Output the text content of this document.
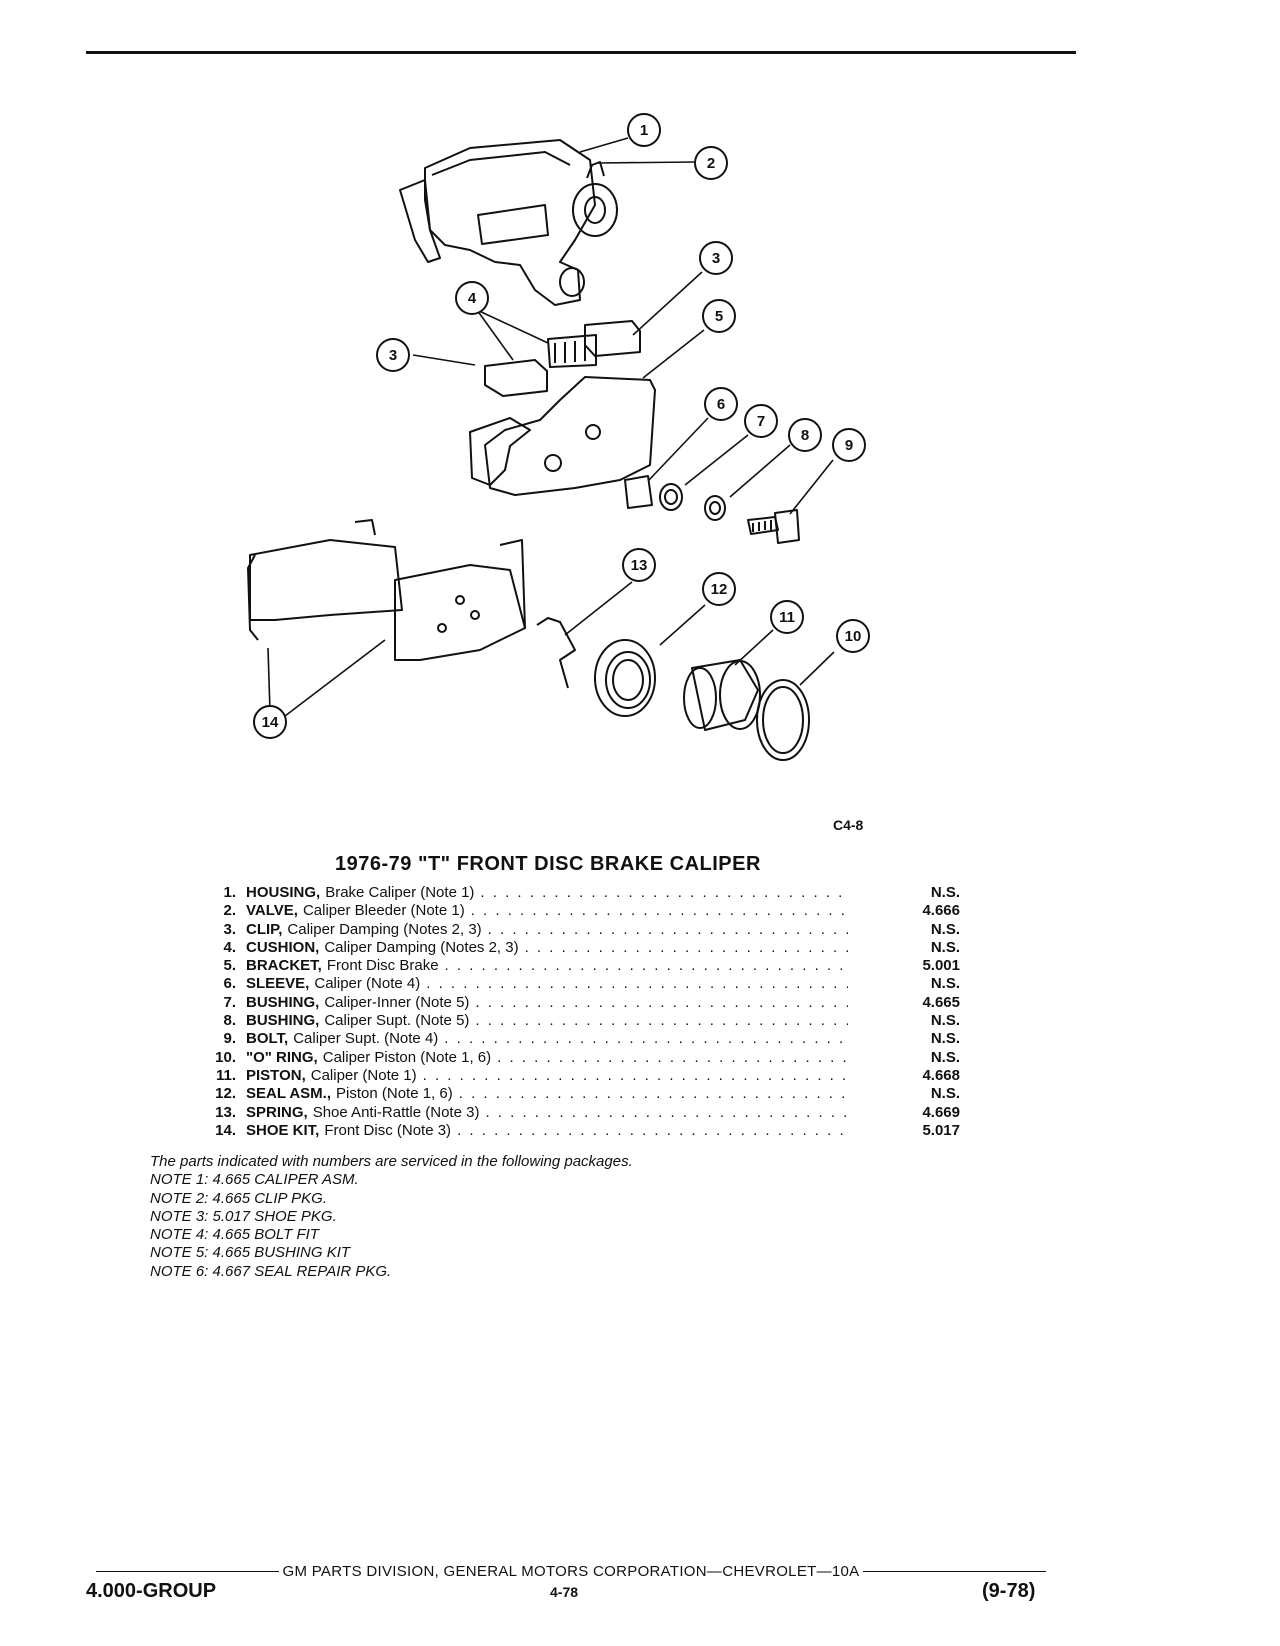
1
2
3
3
4
5
6
7
8
9
13
12
11
10
14
C4-8
1976-79 "T" FRONT DISC BRAKE CALIPER
1. HOUSING, Brake Caliper (Note 1) . . .	N.S.
2. VALVE, Caliper Bleeder (Note 1) . . .	4.666
3. CLIP, Caliper Damping (Notes 2, 3) . . .	N.S.
4. CUSHION, Caliper Damping (Notes 2, 3) . . .	N.S.
5. BRACKET, Front Disc Brake . . .	5.001
6. SLEEVE, Caliper (Note 4) . . .	N.S.
7. BUSHING, Caliper-Inner (Note 5) . . .	4.665
8. BUSHING, Caliper Supt. (Note 5) . . .	N.S.
9. BOLT, Caliper Supt. (Note 4) . . .	N.S.
10. "O" RING, Caliper Piston (Note 1, 6) . . .	N.S.
11. PISTON, Caliper (Note 1) . . .	4.668
12. SEAL ASM., Piston (Note 1, 6) . . .	N.S.
13. SPRING, Shoe Anti-Rattle (Note 3) . . .	4.669
14. SHOE KIT, Front Disc (Note 3) . . .	5.017
The parts indicated with numbers are serviced in the following packages.
NOTE 1: 4.665 CALIPER ASM.
NOTE 2: 4.665 CLIP PKG.
NOTE 3: 5.017 SHOE PKG.
NOTE 4: 4.665 BOLT FIT
NOTE 5: 4.665 BUSHING KIT
NOTE 6: 4.667 SEAL REPAIR PKG.
GM PARTS DIVISION, GENERAL MOTORS CORPORATION—CHEVROLET—10A
4.000-GROUP	4-78	(9-78)
